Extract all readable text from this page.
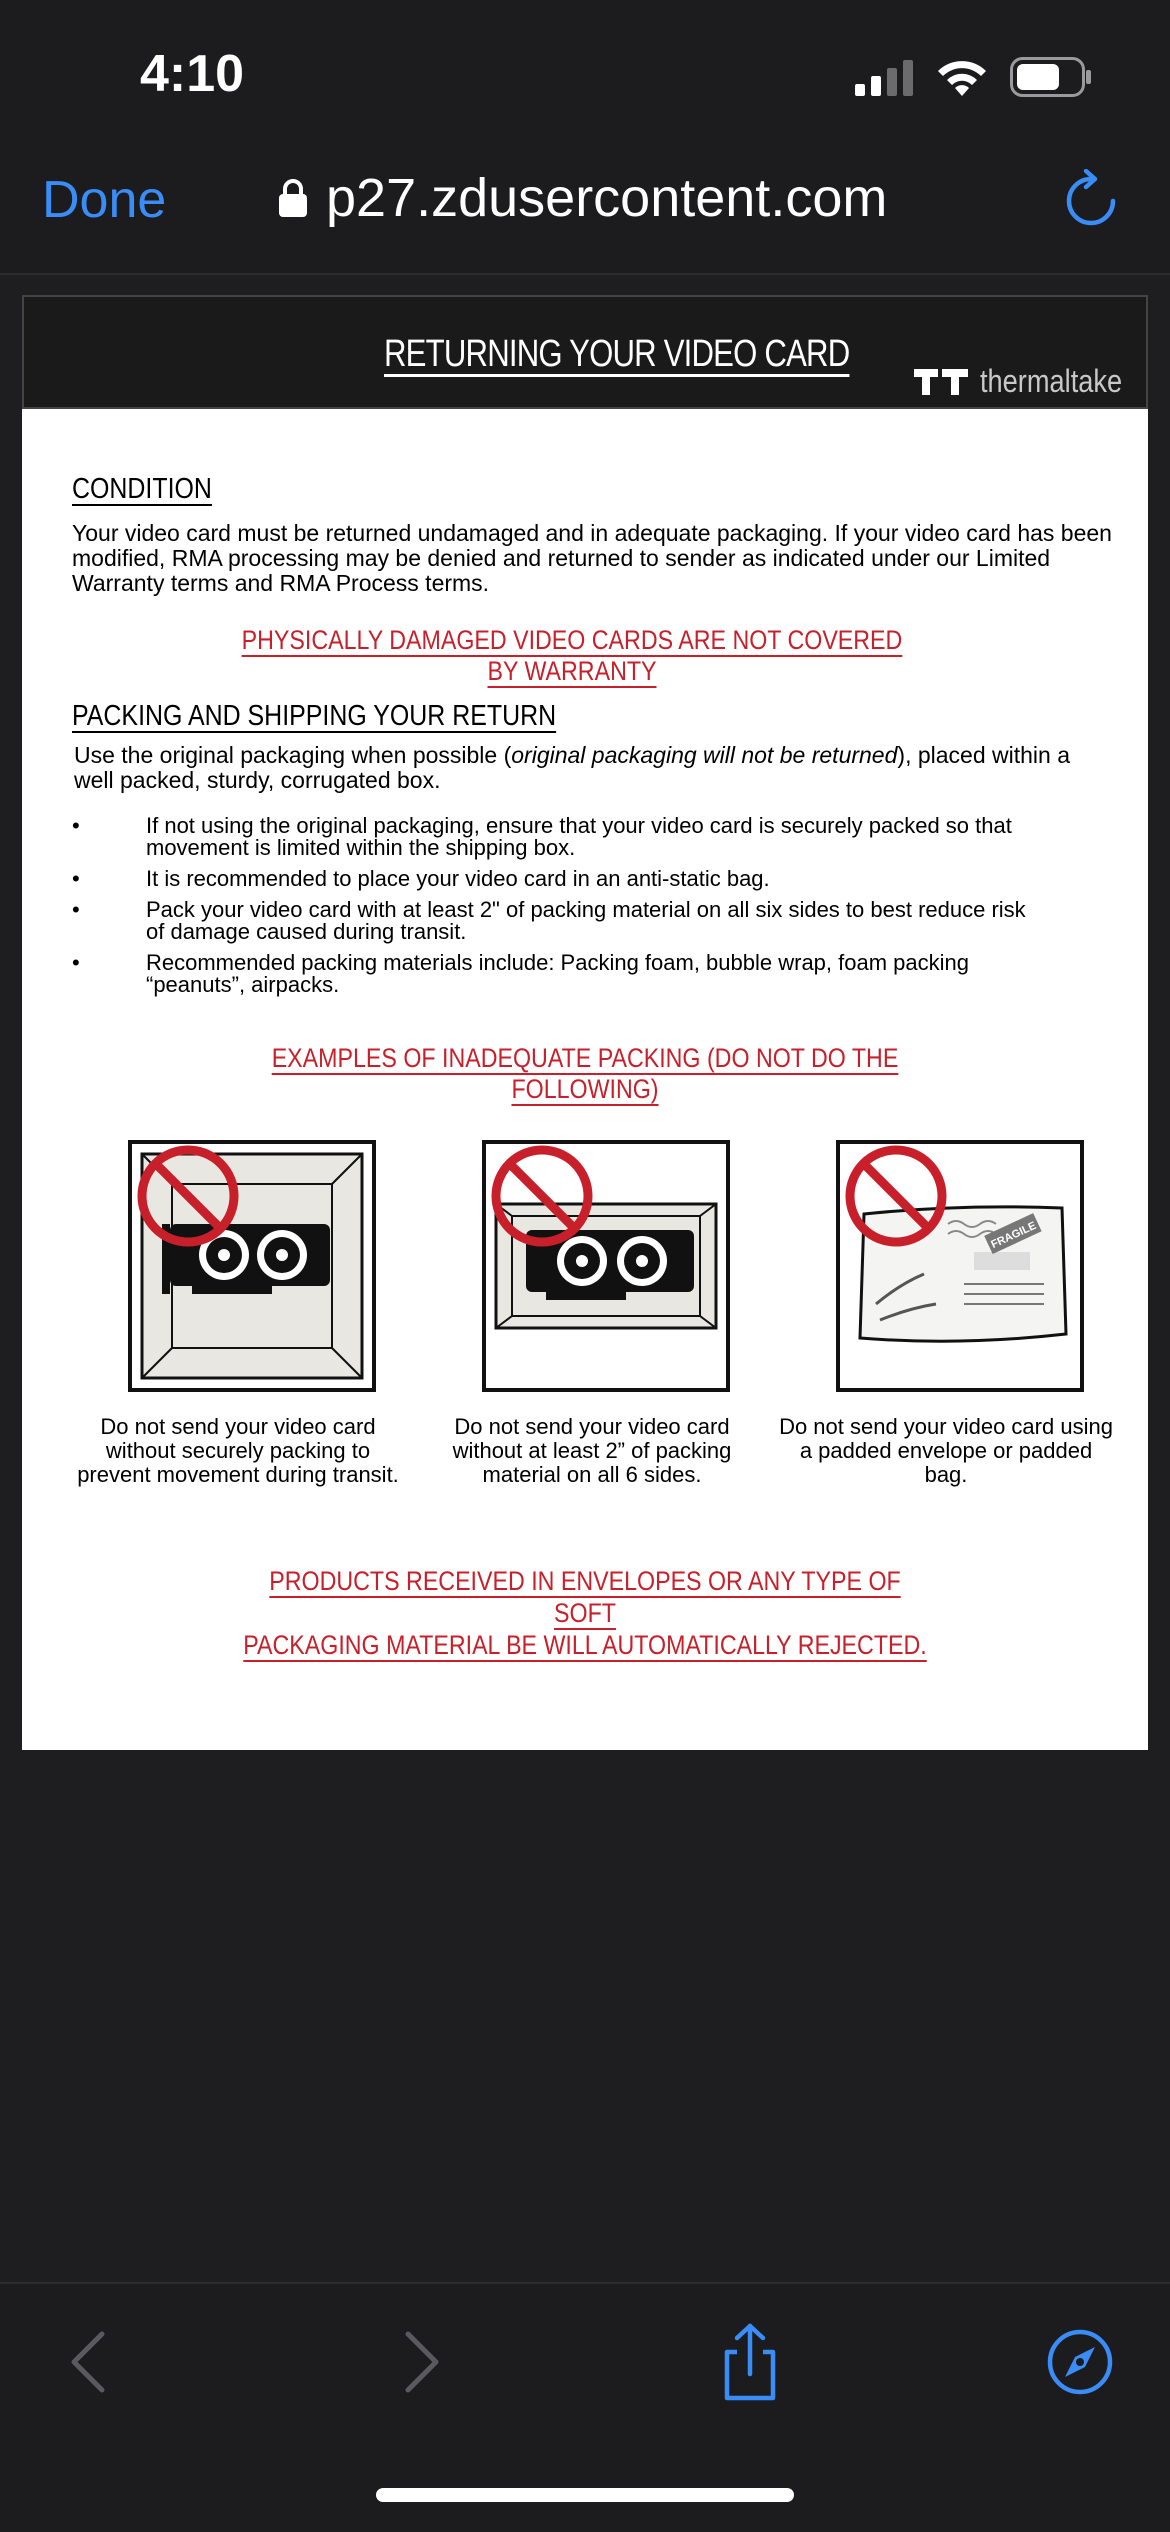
4:10
Done	p27.zdusercontent.com
RETURNING YOUR VIDEO CARD
thermaltake
CONDITION
Your video card must be returned undamaged and in adequate packaging. If your video card has been modified, RMA processing may be denied and returned to sender as indicated under our Limited Warranty terms and RMA Process terms.
PHYSICALLY DAMAGED VIDEO CARDS ARE NOT COVERED BY WARRANTY
PACKING AND SHIPPING YOUR RETURN
Use the original packaging when possible (original packaging will not be returned), placed within a well packed, sturdy, corrugated box.
• If not using the original packaging, ensure that your video card is securely packed so that movement is limited within the shipping box.
• It is recommended to place your video card in an anti-static bag.
• Pack your video card with at least 2" of packing material on all six sides to best reduce risk of damage caused during transit.
• Recommended packing materials include: Packing foam, bubble wrap, foam packing “peanuts”, airpacks.
EXAMPLES OF INADEQUATE PACKING (DO NOT DO THE FOLLOWING)
Do not send your video card without securely packing to prevent movement during transit.
Do not send your video card without at least 2” of packing material on all 6 sides.
FRAGILE
Do not send your video card using a padded envelope or padded bag.
PRODUCTS RECEIVED IN ENVELOPES OR ANY TYPE OF SOFT
PACKAGING MATERIAL BE WILL AUTOMATICALLY REJECTED.
